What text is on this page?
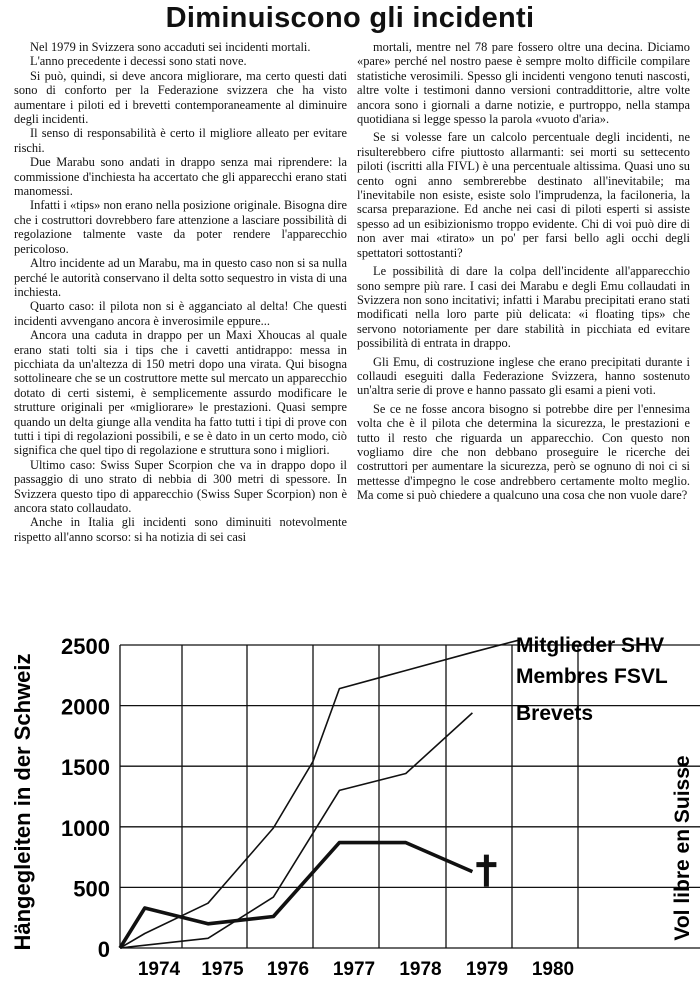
Diminuiscono gli incidenti

Nel 1979 in Svizzera sono accaduti sei incidenti mortali.

L'anno precedente i decessi sono stati nove.

Si può, quindi, si deve ancora migliorare, ma certo questi dati sono di conforto per la Federazione svizzera che ha visto aumentare i piloti ed i brevetti contemporaneamente al diminuire degli incidenti.

Il senso di responsabilità è certo il migliore alleato per evitare rischi.

Due Marabu sono andati in drappo senza mai riprendere: la commissione d'inchiesta ha accertato che gli apparecchi erano stati manomessi.

Infatti i «tips» non erano nella posizione originale. Bisogna dire che i costruttori dovrebbero fare attenzione a lasciare possibilità di regolazione talmente vaste da poter rendere l'apparecchio pericoloso.

Altro incidente ad un Marabu, ma in questo caso non si sa nulla perché le autorità conservano il delta sotto sequestro in vista di una inchiesta.

Quarto caso: il pilota non si è agganciato al delta! Che questi incidenti avvengano ancora è inverosimile eppure...

Ancora una caduta in drappo per un Maxi Xhoucas al quale erano stati tolti sia i tips che i cavetti antidrappo: messa in picchiata da un'altezza di 150 metri dopo una virata. Qui bisogna sottolineare che se un costruttore mette sul mercato un apparecchio dotato di certi sistemi, è semplicemente assurdo modificare le strutture originali per «migliorare» le prestazioni. Quasi sempre quando un delta giunge alla vendita ha fatto tutti i tipi di prove con tutti i tipi di regolazioni possibili, e se è dato in un certo modo, ciò significa che quel tipo di regolazione e struttura sono i migliori.

Ultimo caso: Swiss Super Scorpion che va in drappo dopo il passaggio di uno strato di nebbia di 300 metri di spessore. In Svizzera questo tipo di apparecchio (Swiss Super Scorpion) non è ancora stato collaudato.

Anche in Italia gli incidenti sono diminuiti notevolmente rispetto all'anno scorso: si ha notizia di sei casi

mortali, mentre nel 78 pare fossero oltre una decina. Diciamo «pare» perché nel nostro paese è sempre molto difficile compilare statistiche verosimili. Spesso gli incidenti vengono tenuti nascosti, altre volte i testimoni danno versioni contraddittorie, altre volte ancora sono i giornali a darne notizie, e purtroppo, nella stampa quotidiana si legge spesso la parola «vuoto d'aria».

Se si volesse fare un calcolo percentuale degli incidenti, ne risulterebbero cifre piuttosto allarmanti: sei morti su settecento piloti (iscritti alla FIVL) è una percentuale altissima. Quasi uno su cento ogni anno sembrerebbe destinato all'inevitabile; ma l'inevitabile non esiste, esiste solo l'imprudenza, la faciloneria, la scarsa preparazione. Ed anche nei casi di piloti esperti si assiste spesso ad un esibizionismo troppo evidente. Chi di voi può dire di non aver mai «tirato» un po' per farsi bello agli occhi degli spettatori sottostanti?

Le possibilità di dare la colpa dell'incidente all'apparecchio sono sempre più rare. I casi dei Marabu e degli Emu collaudati in Svizzera non sono incitativi; infatti i Marabu precipitati erano stati modificati nella loro parte più delicata: «i floating tips» che servono notoriamente per dare stabilità in picchiata ed evitare possibilità di entrata in drappo.

Gli Emu, di costruzione inglese che erano precipitati durante i collaudi eseguiti dalla Federazione Svizzera, hanno sostenuto un'altra serie di prove e hanno passato gli esami a pieni voti.

Se ce ne fosse ancora bisogno si potrebbe dire per l'ennesima volta che è il pilota che determina la sicurezza, le prestazioni e tutto il resto che riguarda un apparecchio. Con questo non vogliamo dire che non debbano proseguire le ricerche dei costruttori per aumentare la sicurezza, però se ognuno di noi ci si mettesse d'impegno le cose andrebbero certamente molto meglio. Ma come si può chiedere a qualcuno una cosa che non vuole dare?

2500
2000
1500
1000
500
0
1974 1975 1976 1977 1978 1979 1980
Mitglieder SHV
Membres FSVL
Brevets
Hängegleiten in der Schweiz	Vol libre en Suisse
